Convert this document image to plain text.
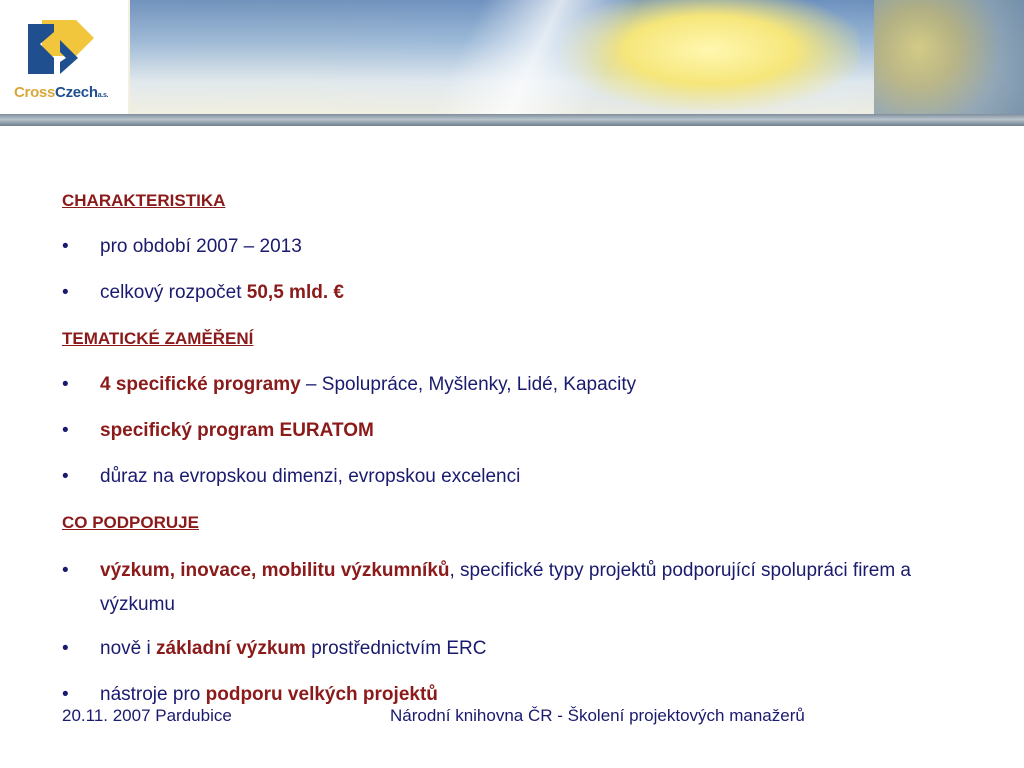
CrossCzecha.s.
CHARAKTERISTIKA
• pro období 2007 – 2013
• celkový rozpočet 50,5 mld. €
TEMATICKÉ ZAMĚŘENÍ
• 4 specifické programy – Spolupráce, Myšlenky, Lidé, Kapacity
• specifický program EURATOM
• důraz na evropskou dimenzi, evropskou excelenci
CO PODPORUJE
• výzkum, inovace, mobilitu výzkumníků, specifické typy projektů podporující spolupráci firem a výzkumu
• nově i základní výzkum prostřednictvím ERC
• nástroje pro podporu velkých projektů
20.11. 2007 Pardubice	Národní knihovna ČR - Školení projektových manažerů
